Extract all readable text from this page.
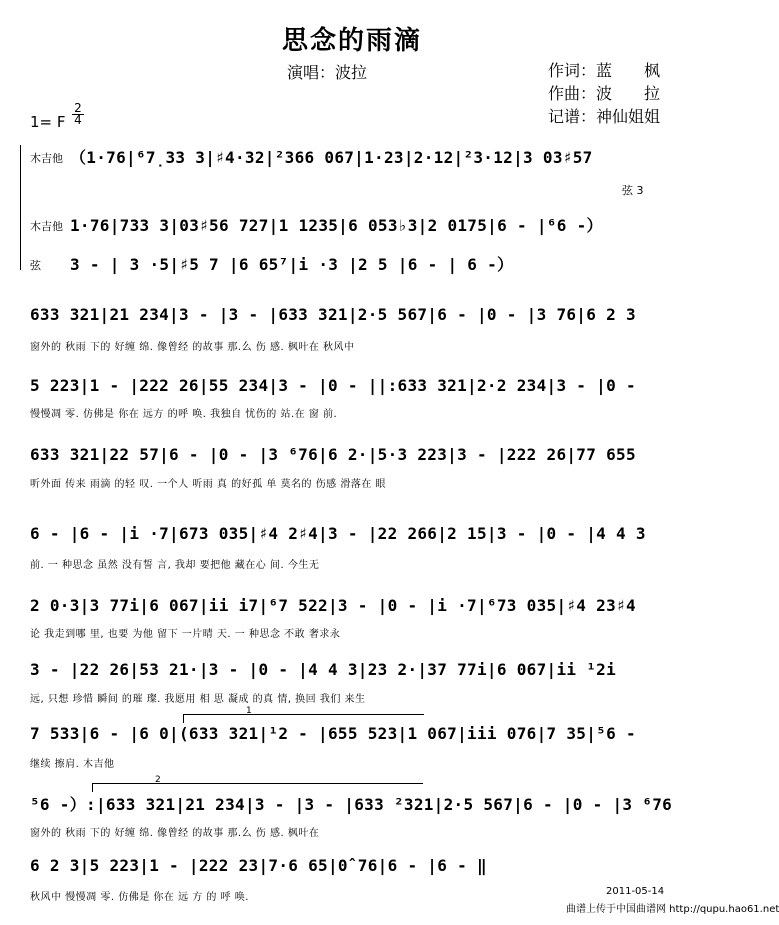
思念的雨滴
演唱：波拉	作词：蓝　　枫
作曲：波　　拉
记谱：神仙姐姐
1= F
2
4
木吉他 （1·76|⁶7̣33 3|♯4·32|²366 067|1·23|2·12|²3·12|3 03♯57
弦 3
木吉他 1·76|733 3|03♯56 727|1 1235|6 053♭3|2 0175|6 - |⁶6 -）
弦 3 - | 3 ·5|♯5 7 |6 65⁷|i ·3 |2 5 |6 - | 6 -）
633 321|21 234|3 - |3 - |633 321|2·5 567|6 - |0 - |3 76|6 2 3
窗外的 秋雨 下的 好缠 绵. 像曾经 的故事 那.么 伤 感. 枫叶在 秋风中
5 223|1 - |222 26|55 234|3 - |0 - ||:633 321|2·2 234|3 - |0 -
慢慢凋 零. 仿佛是 你在 远方 的呼 唤. 我独自 忧伤的 站.在 窗 前.
633 321|22 57|6 - |0 - |3 ⁶76|6 2·|5·3 223|3 - |222 26|77 655
听外面 传来 雨滴 的轻 叹. 一个人 听雨 真 的好孤 单 莫名的 伤感 滑落在 眼
6 - |6 - |i ·7|673 035|♯4 2♯4|3 - |22 266|2 15|3 - |0 - |4 4 3
前. 一 种思念 虽然 没有誓 言, 我却 要把他 藏在心 间. 今生无
2 0·3|3 77i|6 067|ii i7|⁶7 522|3 - |0 - |i ·7|⁶73 035|♯4 23♯4
论 我走到哪 里, 也要 为他 留下 一片晴 天. 一 种思念 不敢 奢求永
3 - |22 26|53 21·|3 - |0 - |4 4 3|23 2·|37 77i|6 067|ii ¹2i
远, 只想 珍惜 瞬间 的璀 璨. 我愿用 相 思 凝成 的真 情, 换回 我们 来生
1
7 533|6 - |6 0|(633 321|¹2 - |655 523|1 067|iii 076|7 35|⁵6 -
继续 擦肩. 木吉他
2
⁵6 -）:|633 321|21 234|3 - |3 - |633 ²321|2·5 567|6 - |0 - |3 ⁶76
窗外的 秋雨 下的 好缠 绵. 像曾经 的故事 那.么 伤 感. 枫叶在
6 2 3|5 223|1 - |222 23|7·6 65|0̂ 76|6 - |6 - ‖
秋风中 慢慢凋 零. 仿佛是 你在 远 方 的 呼 唤.
2011-05-14
曲谱上传于中国曲谱网 http://qupu.hao61.net
